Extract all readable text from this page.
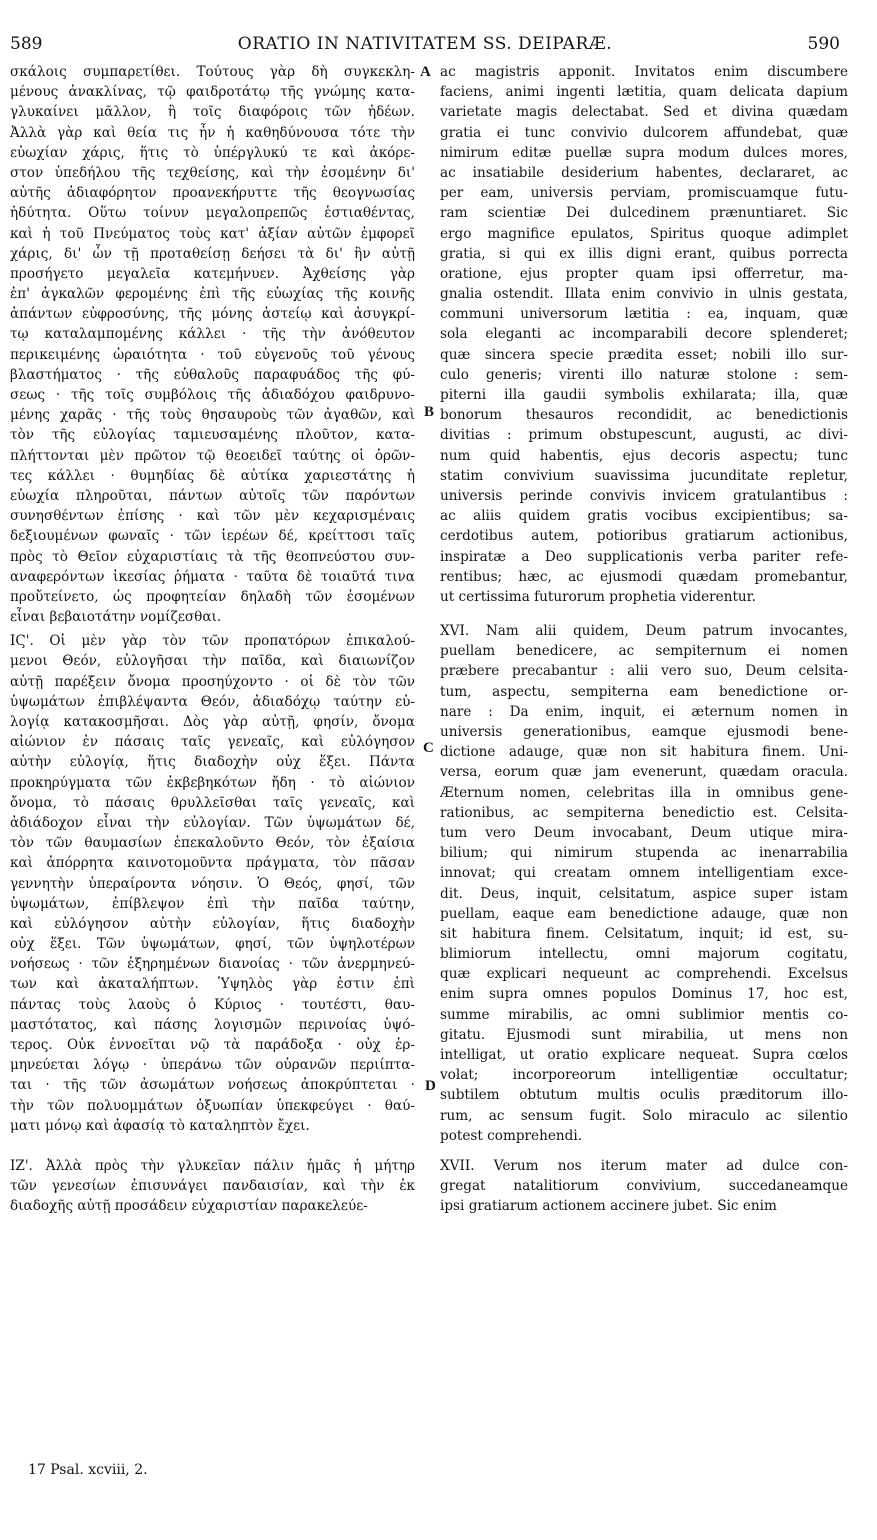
589	ORATIO IN NATIVITATEM SS. DEIPARÆ.	590
σκάλοις συμπαρετίθει. Τούτους γὰρ δὴ συγκεκλη-
μένους ἀνακλίνας, τῷ φαιδροτάτῳ τῆς γνώμης κατα-
γλυκαίνει μᾶλλον, ἢ τοῖς διαφόροις τῶν ἡδέων.
Ἀλλὰ γὰρ καὶ θεία τις ἦν ἡ καθηδύνουσα τότε τὴν
εὐωχίαν χάρις, ἥτις τὸ ὑπέργλυκύ τε καὶ ἀκόρε-
στον ὑπεδήλου τῆς τεχθείσης, καὶ τὴν ἐσομένην δι'
αὐτῆς ἀδιαφόρητον προανεκήρυττε τῆς θεογνωσίας
ἡδύτητα. Οὕτω τοίνυν μεγαλοπρεπῶς ἑστιαθέντας,
καὶ ἡ τοῦ Πνεύματος τοὺς κατ' ἀξίαν αὐτῶν ἐμφορεῖ
χάρις, δι' ὧν τῇ προταθείσῃ δεήσει τὰ δι' ἣν αὐτῇ
προσήγετο μεγαλεῖα κατεμήνυεν. Ἀχθείσης γὰρ
ἐπ' ἀγκαλῶν φερομένης ἐπὶ τῆς εὐωχίας τῆς κοινῆς
ἁπάντων εὐφροσύνης, τῆς μόνης ἀστείῳ καὶ ἀσυγκρί-
τῳ καταλαμπομένης κάλλει · τῆς τὴν ἀνόθευτον
περικειμένης ὡραιότητα · τοῦ εὐγενοῦς τοῦ γένους
βλαστήματος · τῆς εὐθαλοῦς παραφυάδος τῆς φύ-
σεως · τῆς τοῖς συμβόλοις τῆς ἀδιαδόχου φαιδρυνο-
μένης χαρᾶς · τῆς τοὺς θησαυροὺς τῶν ἀγαθῶν, καὶ
τὸν τῆς εὐλογίας ταμιευσαμένης πλοῦτον, κατα-
πλήττονται μὲν πρῶτον τῷ θεοειδεῖ ταύτης οἱ ὁρῶν-
τες κάλλει · θυμηδίας δὲ αὐτίκα χαριεστάτης ἡ
εὐωχία πληροῦται, πάντων αὐτοῖς τῶν παρόντων
συνησθέντων ἐπίσης · καὶ τῶν μὲν κεχαρισμέναις
δεξιουμένων φωναῖς · τῶν ἱερέων δέ, κρείττοσι ταῖς
πρὸς τὸ Θεῖον εὐχαριστίαις τὰ τῆς θεοπνεύστου συν-
αναφερόντων ἱκεσίας ῥήματα · ταῦτα δὲ τοιαῦτά τινα
προὔτείνετο, ὡς προφητείαν δηλαδὴ τῶν ἐσομένων
εἶναι βεβαιοτάτην νομίζεσθαι.
ΙϚ'. Οἱ μὲν γὰρ τὸν τῶν προπατόρων ἐπικαλού-
μενοι Θεόν, εὐλογῆσαι τὴν παῖδα, καὶ διαιωνίζον
αὐτῇ παρέξειν ὄνομα προσηύχοντο · οἱ δὲ τὸν τῶν
ὑψωμάτων ἐπιβλέψαντα Θεόν, ἀδιαδόχῳ ταύτην εὐ-
λογίᾳ κατακοσμῆσαι. Δὸς γὰρ αὐτῇ, φησίν, ὄνομα
αἰώνιον ἐν πάσαις ταῖς γενεαῖς, καὶ εὐλόγησον
αὐτὴν εὐλογίᾳ, ἥτις διαδοχὴν οὐχ ἕξει. Πάντα
προκηρύγματα τῶν ἐκβεβηκότων ἤδη · τὸ αἰώνιον
ὄνομα, τὸ πάσαις θρυλλεῖσθαι ταῖς γενεαῖς, καὶ
ἀδιάδοχον εἶναι τὴν εὐλογίαν. Τῶν ὑψωμάτων δέ,
τὸν τῶν θαυμασίων ἐπεκαλοῦντο Θεόν, τὸν ἐξαίσια
καὶ ἀπόρρητα καινοτομοῦντα πράγματα, τὸν πᾶσαν
γεννητὴν ὑπεραίροντα νόησιν. Ὁ Θεός, φησί, τῶν
ὑψωμάτων, ἐπίβλεψον ἐπὶ τὴν παῖδα ταύτην,
καὶ εὐλόγησον αὐτὴν εὐλογίαν, ἥτις διαδοχὴν
οὐχ ἕξει. Τῶν ὑψωμάτων, φησί, τῶν ὑψηλοτέρων
νοήσεως · τῶν ἐξηρημένων διανοίας · τῶν ἀνερμηνεύ-
των καὶ ἀκαταλήπτων. Ὑψηλὸς γὰρ ἐστιν ἐπὶ
πάντας τοὺς λαοὺς ὁ Κύριος · τουτέστι, θαυ-
μαστότατος, καὶ πάσης λογισμῶν περινοίας ὑψό-
τερος. Οὐκ ἐννοεῖται νῷ τὰ παράδοξα · οὐχ ἑρ-
μηνεύεται λόγῳ · ὑπεράνω τῶν οὐρανῶν περιίπτα-
ται · τῆς τῶν ἀσωμάτων νοήσεως ἀποκρύπτεται ·
τὴν τῶν πολυομμάτων ὀξυωπίαν ὑπεκφεύγει · θαύ-
ματι μόνῳ καὶ ἀφασίᾳ τὸ καταληπτὸν ἔχει.
ΙΖ'. Ἀλλὰ πρὸς τὴν γλυκεῖαν πάλιν ἡμᾶς ἡ μήτηρ
τῶν γενεσίων ἐπισυνάγει πανδαισίαν, καὶ τὴν ἐκ
διαδοχῆς αὐτῇ προσάδειν εὐχαριστίαν παρακελεύε-
ac magistris apponit. Invitatos enim discumbere
faciens, animi ingenti lætitia, quam delicata dapium
varietate magis delectabat. Sed et divina quædam
gratia ei tunc convivio dulcorem affundebat, quæ
nimirum editæ puellæ supra modum dulces mores,
ac insatiabile desiderium habentes, declararet, ac
per eam, universis perviam, promiscuamque futu-
ram scientiæ Dei dulcedinem prænuntiaret. Sic
ergo magnifice epulatos, Spiritus quoque adimplet
gratia, si qui ex illis digni erant, quibus porrecta
oratione, ejus propter quam ipsi offerretur, ma-
gnalia ostendit. Illata enim convivio in ulnis gestata,
communi universorum lætitia : ea, inquam, quæ
sola eleganti ac incomparabili decore splenderet;
quæ sincera specie prædita esset; nobili illo sur-
culo generis; virenti illo naturæ stolone : sem-
piterni illa gaudii symbolis exhilarata; illa, quæ
bonorum thesauros recondidit, ac benedictionis
divitias : primum obstupescunt, augusti, ac divi-
num quid habentis, ejus decoris aspectu; tunc
statim convivium suavissima jucunditate repletur,
universis perinde convivis invicem gratulantibus :
ac aliis quidem gratis vocibus excipientibus; sa-
cerdotibus autem, potioribus gratiarum actionibus,
inspiratæ a Deo supplicationis verba pariter refe-
rentibus; hæc, ac ejusmodi quædam promebantur,
ut certissima futurorum prophetia viderentur.
XVI. Nam alii quidem, Deum patrum invocantes,
puellam benedicere, ac sempiternum ei nomen
præbere precabantur : alii vero suo, Deum celsita-
tum, aspectu, sempiterna eam benedictione or-
nare : Da enim, inquit, ei æternum nomen in
universis generationibus, eamque ejusmodi bene-
dictione adauge, quæ non sit habitura finem. Uni-
versa, eorum quæ jam evenerunt, quædam oracula.
Æternum nomen, celebritas illa in omnibus gene-
rationibus, ac sempiterna benedictio est. Celsita-
tum vero Deum invocabant, Deum utique mira-
bilium; qui nimirum stupenda ac inenarrabilia
innovat; qui creatam omnem intelligentiam exce-
dit. Deus, inquit, celsitatum, aspice super istam
puellam, eaque eam benedictione adauge, quæ non
sit habitura finem. Celsitatum, inquit; id est, su-
blimiorum intellectu, omni majorum cogitatu,
quæ explicari nequeunt ac comprehendi. Excelsus
enim supra omnes populos Dominus 17, hoc est,
summe mirabilis, ac omni sublimior mentis co-
gitatu. Ejusmodi sunt mirabilia, ut mens non
intelligat, ut oratio explicare nequeat. Supra cœlos
volat; incorporeorum intelligentiæ occultatur;
subtilem obtutum multis oculis præditorum illo-
rum, ac sensum fugit. Solo miraculo ac silentio
potest comprehendi.
XVII. Verum nos iterum mater ad dulce con-
gregat natalitiorum convivium, succedaneamque
ipsi gratiarum actionem accinere jubet. Sic enim
A
B
C
D
17 Psal. xcviii, 2.
